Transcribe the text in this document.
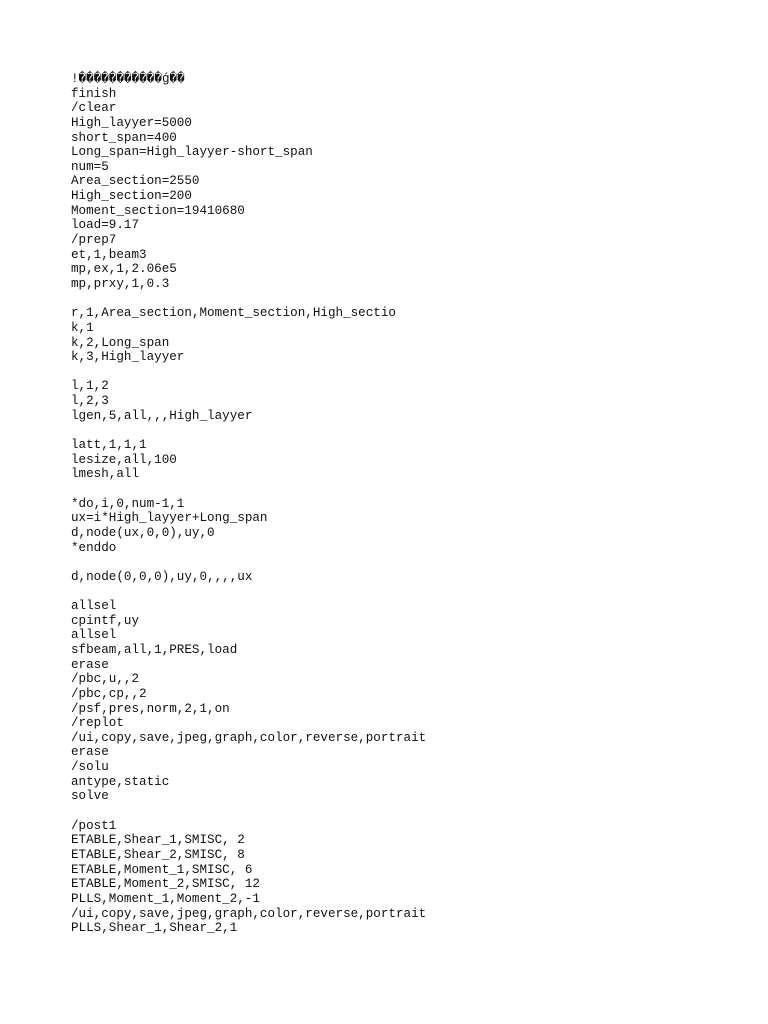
!�����������ǵ��
finish
/clear
High_layyer=5000
short_span=400
Long_span=High_layyer-short_span
num=5
Area_section=2550
High_section=200
Moment_section=19410680
load=9.17
/prep7
et,1,beam3
mp,ex,1,2.06e5
mp,prxy,1,0.3
r,1,Area_section,Moment_section,High_sectio
k,1
k,2,Long_span
k,3,High_layyer
l,1,2
l,2,3
lgen,5,all,,,High_layyer
latt,1,1,1
lesize,all,100
lmesh,all
*do,i,0,num-1,1
ux=i*High_layyer+Long_span
d,node(ux,0,0),uy,0
*enddo
d,node(0,0,0),uy,0,,,,ux
allsel
cpintf,uy
allsel
sfbeam,all,1,PRES,load
erase
/pbc,u,,2
/pbc,cp,,2
/psf,pres,norm,2,1,on
/replot
/ui,copy,save,jpeg,graph,color,reverse,portrait
erase
/solu
antype,static
solve
/post1
ETABLE,Shear_1,SMISC, 2
ETABLE,Shear_2,SMISC, 8
ETABLE,Moment_1,SMISC, 6
ETABLE,Moment_2,SMISC, 12
PLLS,Moment_1,Moment_2,-1
/ui,copy,save,jpeg,graph,color,reverse,portrait
PLLS,Shear_1,Shear_2,1
